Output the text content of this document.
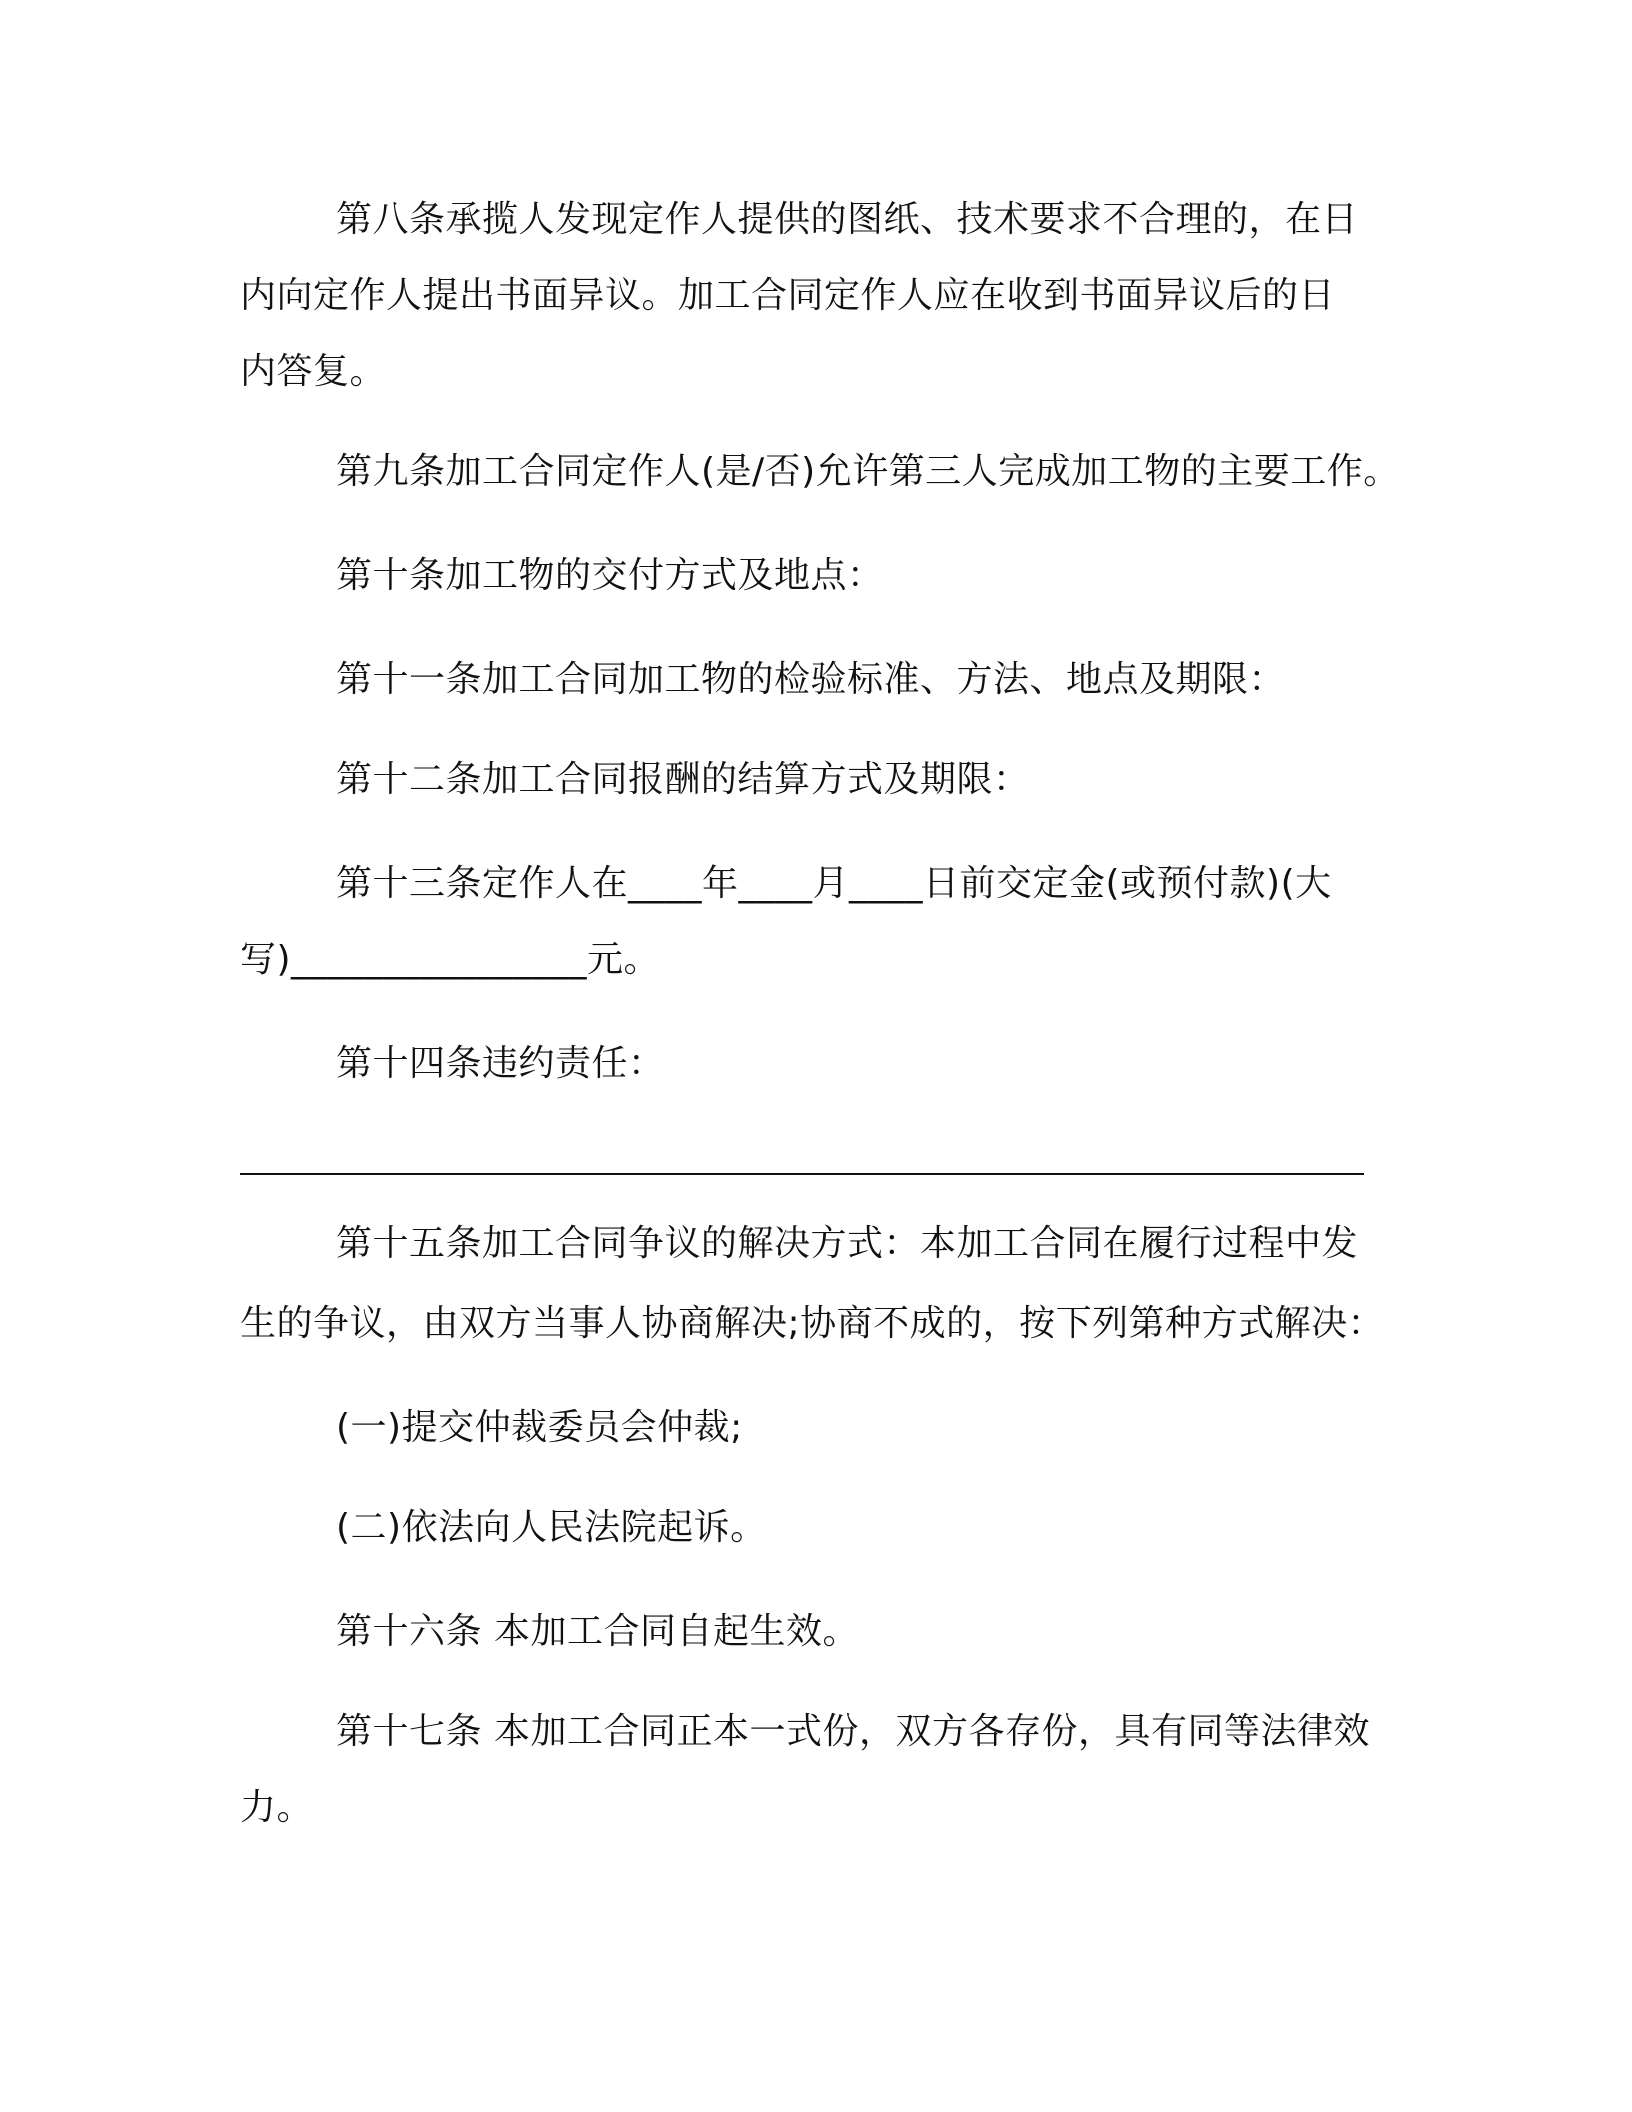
第八条承揽人发现定作人提供的图纸、技术要求不合理的，在日
内向定作人提出书面异议。加工合同定作人应在收到书面异议后的日
内答复。
第九条加工合同定作人(是/否)允许第三人完成加工物的主要工作。
第十条加工物的交付方式及地点：
第十一条加工合同加工物的检验标准、方法、地点及期限：
第十二条加工合同报酬的结算方式及期限：
第十三条定作人在____年____月____日前交定金(或预付款)(大
写)________________元。
第十四条违约责任：
第十五条加工合同争议的解决方式：本加工合同在履行过程中发
生的争议，由双方当事人协商解决;协商不成的，按下列第种方式解决：
(一)提交仲裁委员会仲裁;
(二)依法向人民法院起诉。
第十六条 本加工合同自起生效。
第十七条 本加工合同正本一式份，双方各存份，具有同等法律效
力。
